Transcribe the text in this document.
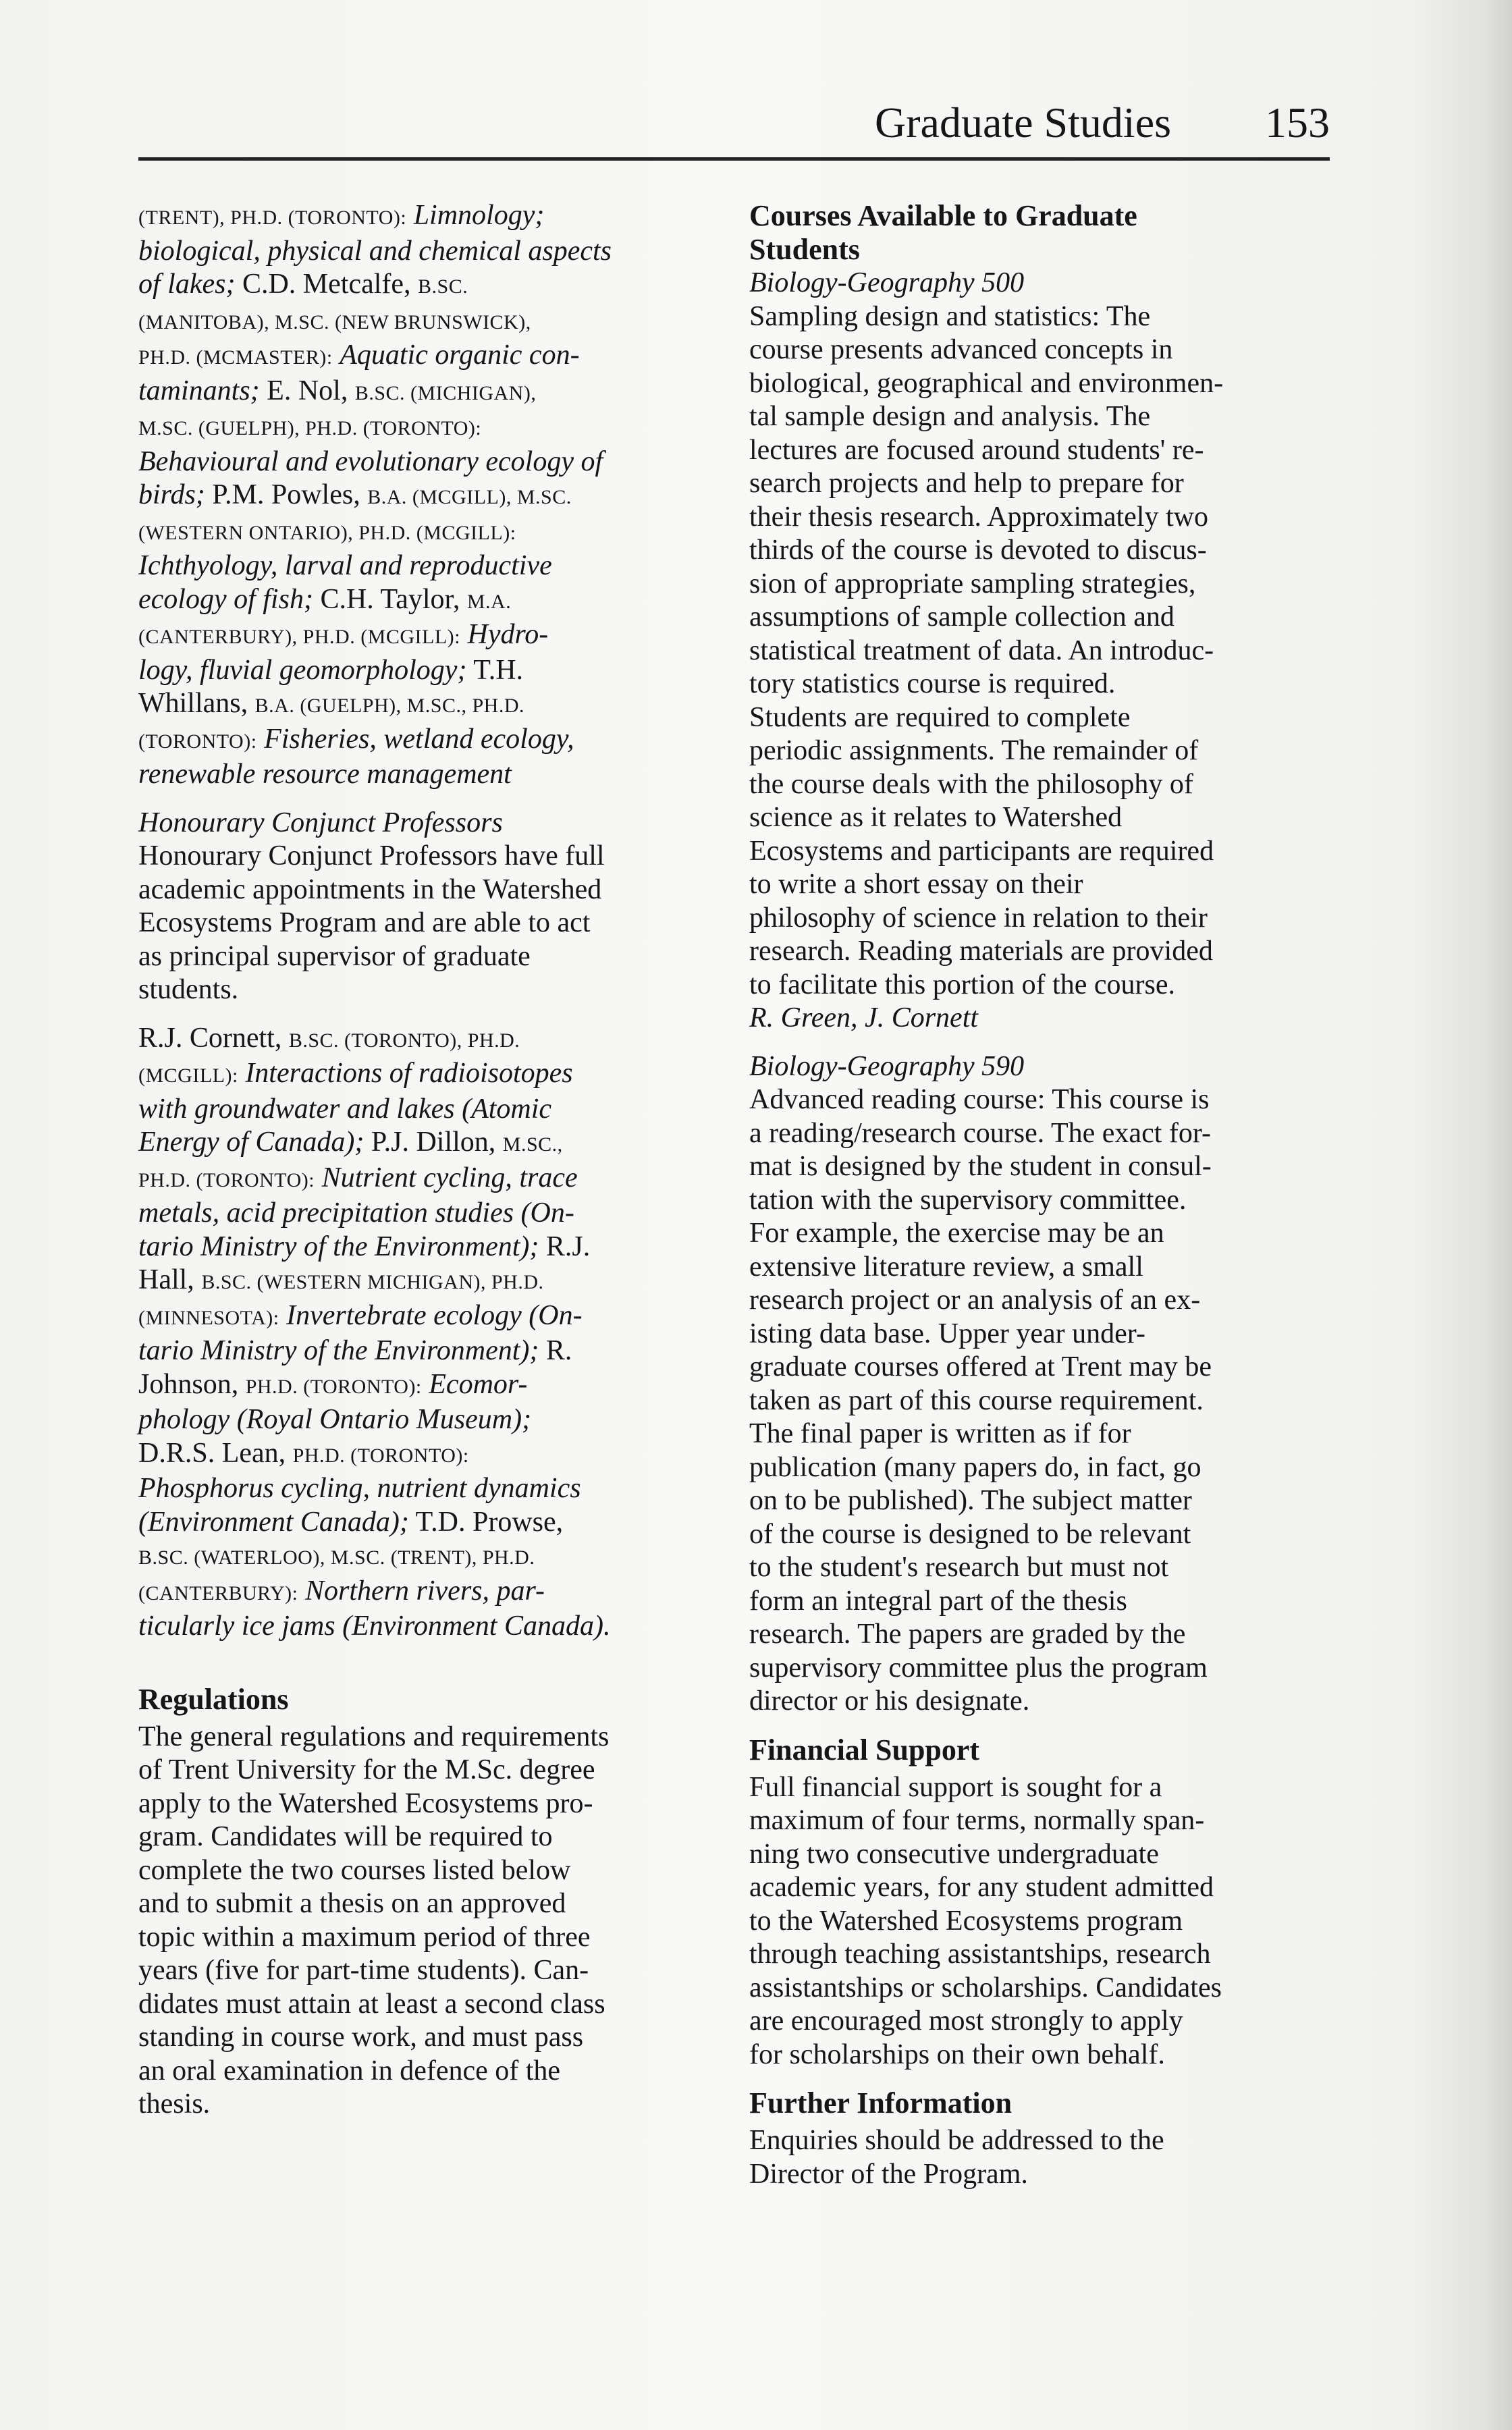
Graduate Studies 153

(TRENT), PH.D. (TORONTO): Limnology;

biological, physical and chemical aspects

of lakes; C.D. Metcalfe, B.SC.

(MANITOBA), M.SC. (NEW BRUNSWICK),

PH.D. (MCMASTER): Aquatic organic con-

taminants; E. Nol, B.SC. (MICHIGAN),

M.SC. (GUELPH), PH.D. (TORONTO):

Behavioural and evolutionary ecology of

birds; P.M. Powles, B.A. (MCGILL), M.SC.

(WESTERN ONTARIO), PH.D. (MCGILL):

Ichthyology, larval and reproductive

ecology of fish; C.H. Taylor, M.A.

(CANTERBURY), PH.D. (MCGILL): Hydro-

logy, fluvial geomorphology; T.H.

Whillans, B.A. (GUELPH), M.SC., PH.D.

(TORONTO): Fisheries, wetland ecology,

renewable resource management

Honourary Conjunct Professors

Honourary Conjunct Professors have full

academic appointments in the Watershed

Ecosystems Program and are able to act

as principal supervisor of graduate

students.

R.J. Cornett, B.SC. (TORONTO), PH.D.

(MCGILL): Interactions of radioisotopes

with groundwater and lakes (Atomic

Energy of Canada); P.J. Dillon, M.SC.,

PH.D. (TORONTO): Nutrient cycling, trace

metals, acid precipitation studies (On-

tario Ministry of the Environment); R.J.

Hall, B.SC. (WESTERN MICHIGAN), PH.D.

(MINNESOTA): Invertebrate ecology (On-

tario Ministry of the Environment); R.

Johnson, PH.D. (TORONTO): Ecomor-

phology (Royal Ontario Museum);

D.R.S. Lean, PH.D. (TORONTO):

Phosphorus cycling, nutrient dynamics

(Environment Canada); T.D. Prowse,

B.SC. (WATERLOO), M.SC. (TRENT), PH.D.

(CANTERBURY): Northern rivers, par-

ticularly ice jams (Environment Canada).

Regulations

The general regulations and requirements

of Trent University for the M.Sc. degree

apply to the Watershed Ecosystems pro-

gram. Candidates will be required to

complete the two courses listed below

and to submit a thesis on an approved

topic within a maximum period of three

years (five for part-time students). Can-

didates must attain at least a second class

standing in course work, and must pass

an oral examination in defence of the

thesis.

Courses Available to Graduate

Students

Biology-Geography 500

Sampling design and statistics: The

course presents advanced concepts in

biological, geographical and environmen-

tal sample design and analysis. The

lectures are focused around students' re-

search projects and help to prepare for

their thesis research. Approximately two

thirds of the course is devoted to discus-

sion of appropriate sampling strategies,

assumptions of sample collection and

statistical treatment of data. An introduc-

tory statistics course is required.

Students are required to complete

periodic assignments. The remainder of

the course deals with the philosophy of

science as it relates to Watershed

Ecosystems and participants are required

to write a short essay on their

philosophy of science in relation to their

research. Reading materials are provided

to facilitate this portion of the course.

R. Green, J. Cornett

Biology-Geography 590

Advanced reading course: This course is

a reading/research course. The exact for-

mat is designed by the student in consul-

tation with the supervisory committee.

For example, the exercise may be an

extensive literature review, a small

research project or an analysis of an ex-

isting data base. Upper year under-

graduate courses offered at Trent may be

taken as part of this course requirement.

The final paper is written as if for

publication (many papers do, in fact, go

on to be published). The subject matter

of the course is designed to be relevant

to the student's research but must not

form an integral part of the thesis

research. The papers are graded by the

supervisory committee plus the program

director or his designate.

Financial Support

Full financial support is sought for a

maximum of four terms, normally span-

ning two consecutive undergraduate

academic years, for any student admitted

to the Watershed Ecosystems program

through teaching assistantships, research

assistantships or scholarships. Candidates

are encouraged most strongly to apply

for scholarships on their own behalf.

Further Information

Enquiries should be addressed to the

Director of the Program.
